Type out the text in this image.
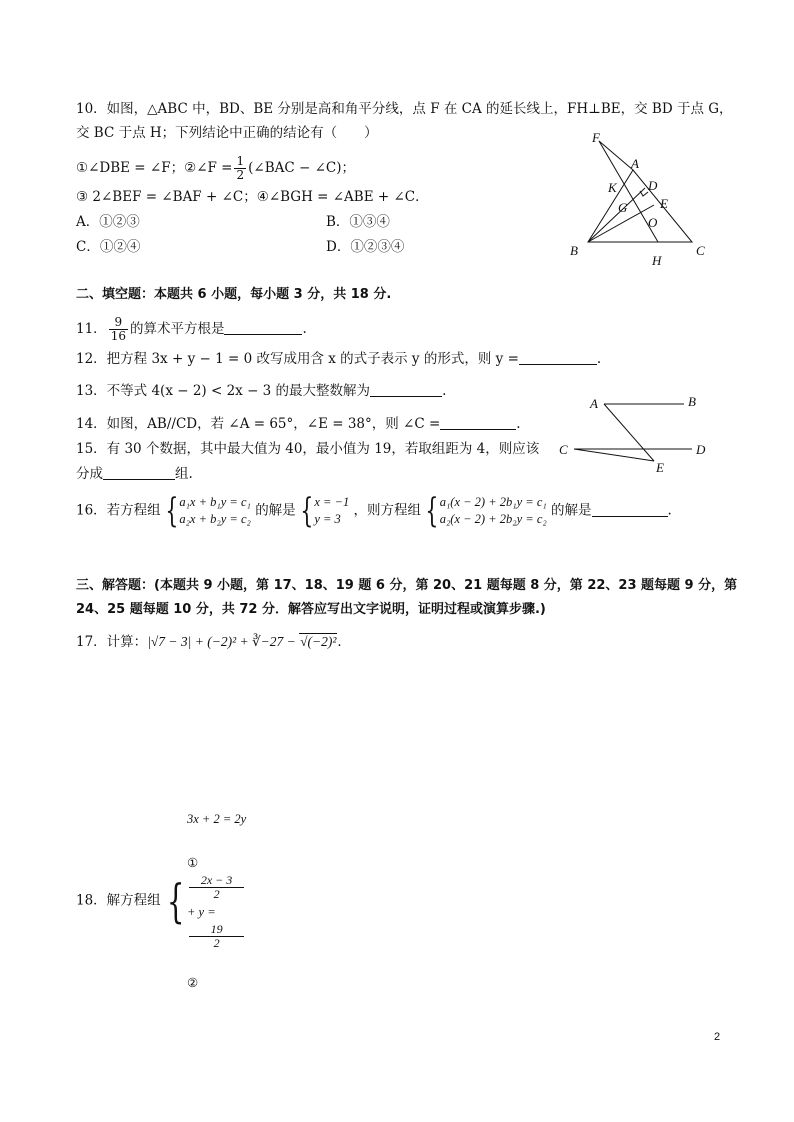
10．如图，△ABC 中，BD、BE 分别是高和角平分线，点 F 在 CA 的延长线上，FH⊥BE，交 BD 于点 G，
交 BC 于点 H；下列结论中正确的结论有（　　）
①∠DBE = ∠F；②∠F = $\frac{1}{2}$ (∠BAC − ∠C)；
③ 2∠BEF = ∠BAF + ∠C；④∠BGH = ∠ABE + ∠C．
A．①②③	B．①③④
C．①②④	D．①②③④
F
A
K D
G	E
O
B	C
H
二、填空题：本题共 6 小题，每小题 3 分，共 18 分.
11． $\frac{9}{16}$ 的算术平方根是	.
12．把方程 3x + y − 1 = 0 改写成用含 x 的式子表示 y 的形式，则 y =	.
13．不等式 4(x − 2) < 2x − 3 的最大整数解为	.
14．如图，AB//CD，若 ∠A = 65°，∠E = 38°，则 ∠C =	.
A	B
C	D
E
15．有 30 个数据，其中最大值为 40，最小值为 19，若取组距为 4，则应该
分成	组.
16．若方程组 { a₁x + b₁y = c₁
a₂x + b₂y = c₂
的解是 { x = −1
y = 3
，则方程组 { a₁(x − 2) + 2b₁y = c₁
a₂(x − 2) + 2b₂y = c₂
的解是	.
三、解答题：(本题共 9 小题，第 17、18、19 题 6 分，第 20、21 题每题 8 分，第 22、23 题每题 9 分，第
24、25 题每题 10 分，共 72 分．解答应写出文字说明，证明过程或演算步骤.)
17．计算：|√7 − 3| + (−2)² + ∛−27 − √(−2)²．
18．解方程组 {
3x + 2 = 2y

①
2x − 3
2
+ y =
19
2

②
2
